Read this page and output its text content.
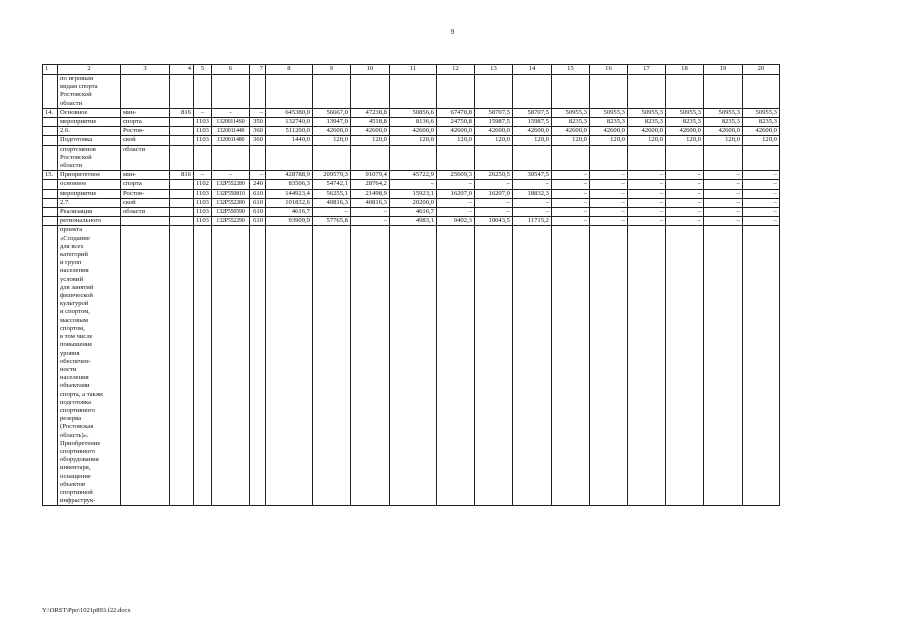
9
1	2	3	4	5	6	7	8	9	10	11	12	13	14	15	16	17	18	19	20
	по игровым																		
	видам спорта																		
	Ростовской																		
	области																		
14.	Основное	мин-	816	–	–	–	645380,0	56667,0	47238,8	50856,6	67470,8	58707,5	58707,5	50955,3	50955,3	50955,3	50955,3	50955,3	50955,3
	мероприятие	спорта		1103	13200114S0	350	132740,0	13947,0	4518,8	8136,6	24750,8	15987,5	15987,5	8235,3	8235,3	8235,3	8235,3	8235,3	8235,3
	2.6.	Ростов-		1103	1320011440	360	511200,0	42600,0	42600,0	42600,0	42600,0	42600,0	42600,0	42600,0	42600,0	42600,0	42600,0	42600,0	42600,0
	Подготовка	ской		1103	1320011480	360	1440,0	120,0	120,0	120,0	120,0	120,0	120,0	120,0	120,0	120,0	120,0	120,0	120,0
	спортсменов	области																	
	Ростовской																		
	области																		
15.	Приоритетное	мин-	816	–	–	–	428788,9	209579,3	91079,4	45722,9	25609,3	26250,5	30547,5	–	–	–	–	–	–
	основное	спорта		1102	132P552280	240	83506,3	54742,1	28764,2	–	–	–	–	–	–	–	–	–	–
	мероприятие	Ростов-		1103	132P550810	610	144923,4	56255,1	21498,9	15923,1	16207,0	16207,0	18832,3	–	–	–	–	–	–
	2.7.	ской		1103	132P552280	610	101832,6	40816,3	40816,3	20200,0	–	–	–	–	–	–	–	–	–
	Реализация	области		1103	132P550590	610	4616,7	–	–	4616,7	–	–	–	–	–	–	–	–	–
	регионального			1103	132P552290	610	93909,9	57765,8	–	4983,1	9402,3	10043,5	11715,2	–	–	–	–	–	–
	проекта																		
	«Создание																		
	для всех																		
	категорий																		
	и групп																		
	населения																		
	условий																		
	для занятий																		
	физической																		
	культурой																		
	и спортом,																		
	массовым																		
	спортом,																		
	в том числе																		
	повышение																		
	уровня																		
	обеспечен-																		
	ности																		
	населения																		
	объектами																		
	спорта, а также																		
	подготовка																		
	спортивного																		
	резерва																		
	(Ростовская																		
	область)».																		
	Приобретение																		
	спортивного																		
	оборудования																		
	инвентаря,																		
	оснащение																		
	объектов																		
	спортивной																		
	инфраструк-																		
Y:\ORST\Ppo\1021p893.f22.docx
